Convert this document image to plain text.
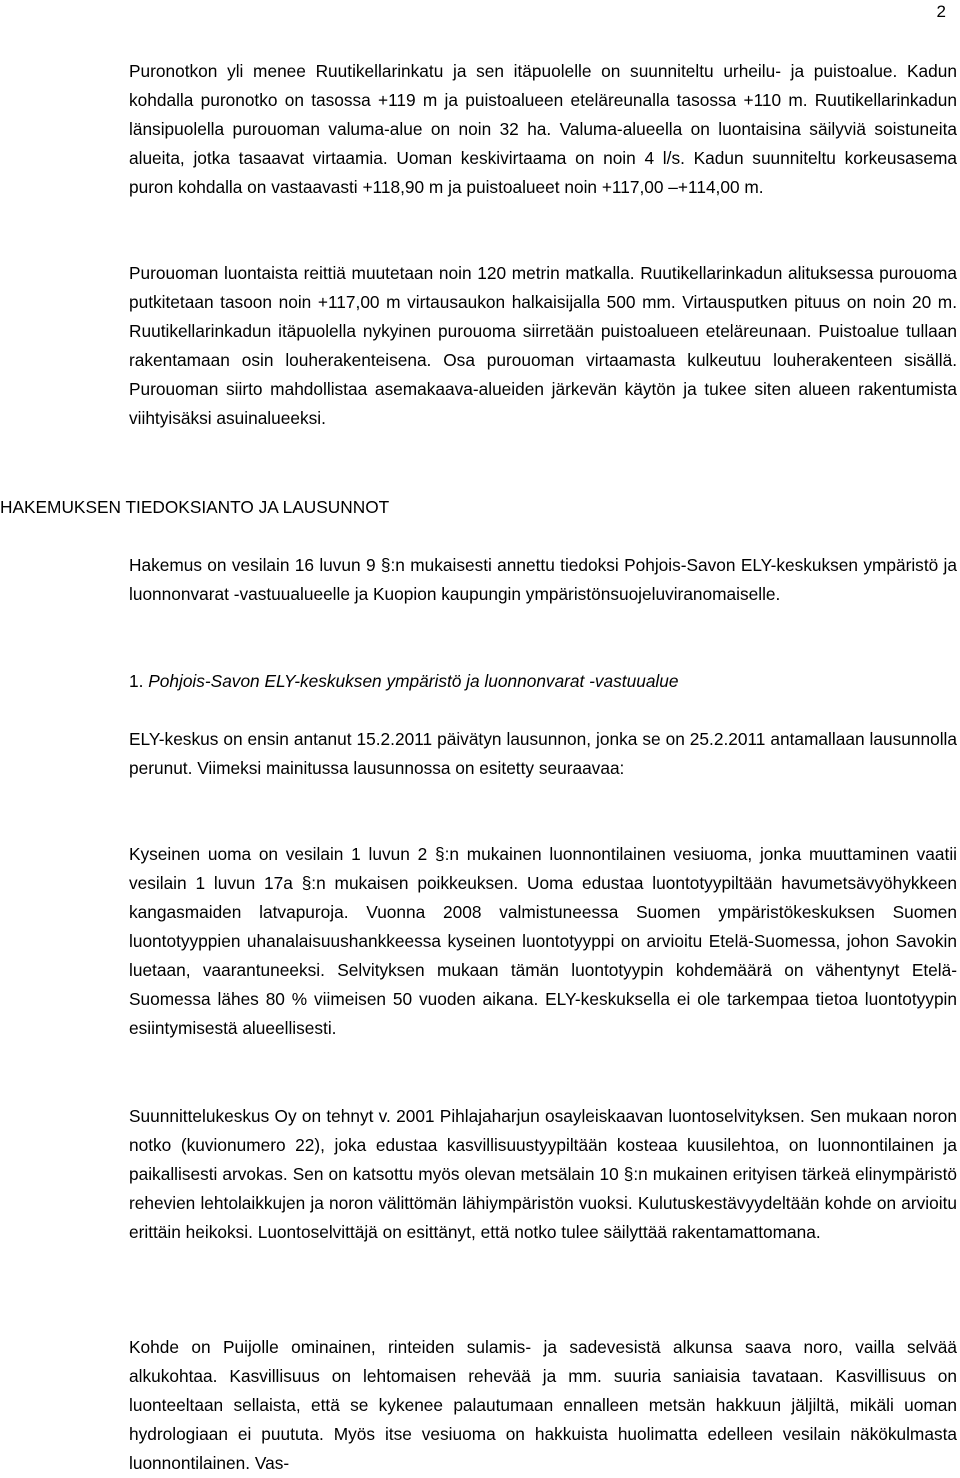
2

Puronotkon yli menee Ruutikellarinkatu ja sen itäpuolelle on suunniteltu urheilu- ja puistoalue. Kadun kohdalla puronotko on tasossa +119 m ja puistoalueen eteläreunalla tasossa +110 m. Ruutikellarinkadun länsipuolella purouoman valuma-alue on noin 32 ha. Valuma-alueella on luontaisina säilyviä soistuneita alueita, jotka tasaavat virtaamia. Uoman keskivirtaama on noin 4 l/s. Kadun suunniteltu korkeusasema puron kohdalla on vastaavasti +118,90 m ja puistoalueet noin +117,00 –+114,00 m.

Purouoman luontaista reittiä muutetaan noin 120 metrin matkalla. Ruutikellarinkadun alituksessa purouoma putkitetaan tasoon noin +117,00 m virtausaukon halkaisijalla 500 mm. Virtausputken pituus on noin 20 m. Ruutikellarinkadun itäpuolella nykyinen purouoma siirretään puistoalueen eteläreunaan. Puistoalue tullaan rakentamaan osin louherakenteisena. Osa purouoman virtaamasta kulkeutuu louherakenteen sisällä. Purouoman siirto mahdollistaa asemakaava-alueiden järkevän käytön ja tukee siten alueen rakentumista viihtyisäksi asuinalueeksi.

HAKEMUKSEN TIEDOKSIANTO JA LAUSUNNOT

Hakemus on vesilain 16 luvun 9 §:n mukaisesti annettu tiedoksi Pohjois-Savon ELY-keskuksen ympäristö ja luonnonvarat -vastuualueelle ja Kuopion kaupungin ympäristönsuojeluviranomaiselle.

1. Pohjois-Savon ELY-keskuksen ympäristö ja luonnonvarat -vastuualue

ELY-keskus on ensin antanut 15.2.2011 päivätyn lausunnon, jonka se on 25.2.2011 antamallaan lausunnolla perunut. Viimeksi mainitussa lausunnossa on esitetty seuraavaa:

Kyseinen uoma on vesilain 1 luvun 2 §:n mukainen luonnontilainen vesiuoma, jonka muuttaminen vaatii vesilain 1 luvun 17a §:n mukaisen poikkeuksen. Uoma edustaa luontotyypiltään havumetsävyöhykkeen kangasmaiden latvapuroja. Vuonna 2008 valmistuneessa Suomen ympäristökeskuksen Suomen luontotyyppien uhanalaisuushankkeessa kyseinen luontotyyppi on arvioitu Etelä-Suomessa, johon Savokin luetaan, vaarantuneeksi. Selvityksen mukaan tämän luontotyypin kohdemäärä on vähentynyt Etelä-Suomessa lähes 80 % viimeisen 50 vuoden aikana. ELY-keskuksella ei ole tarkempaa tietoa luontotyypin esiintymisestä alueellisesti.

Suunnittelukeskus Oy on tehnyt v. 2001 Pihlajaharjun osayleiskaavan luontoselvityksen. Sen mukaan noron notko (kuvionumero 22), joka edustaa kasvillisuustyypiltään kosteaa kuusilehtoa, on luonnontilainen ja paikallisesti arvokas. Sen on katsottu myös olevan metsälain 10 §:n mukainen erityisen tärkeä elinympäristö rehevien lehtolaikkujen ja noron välittömän lähiympäristön vuoksi. Kulutuskestävyydeltään kohde on arvioitu erittäin heikoksi. Luontoselvittäjä on esittänyt, että notko tulee säilyttää rakentamattomana.

Kohde on Puijolle ominainen, rinteiden sulamis- ja sadevesistä alkunsa saava noro, vailla selvää alkukohtaa. Kasvillisuus on lehtomaisen rehevää ja mm. suuria saniaisia tavataan. Kasvillisuus on luonteeltaan sellaista, että se kykenee palautumaan ennalleen metsän hakkuun jäljiltä, mikäli uoman hydrologiaan ei puututa. Myös itse vesiuoma on hakkuista huolimatta edelleen vesilain näkökulmasta luonnontilainen. Vas-
